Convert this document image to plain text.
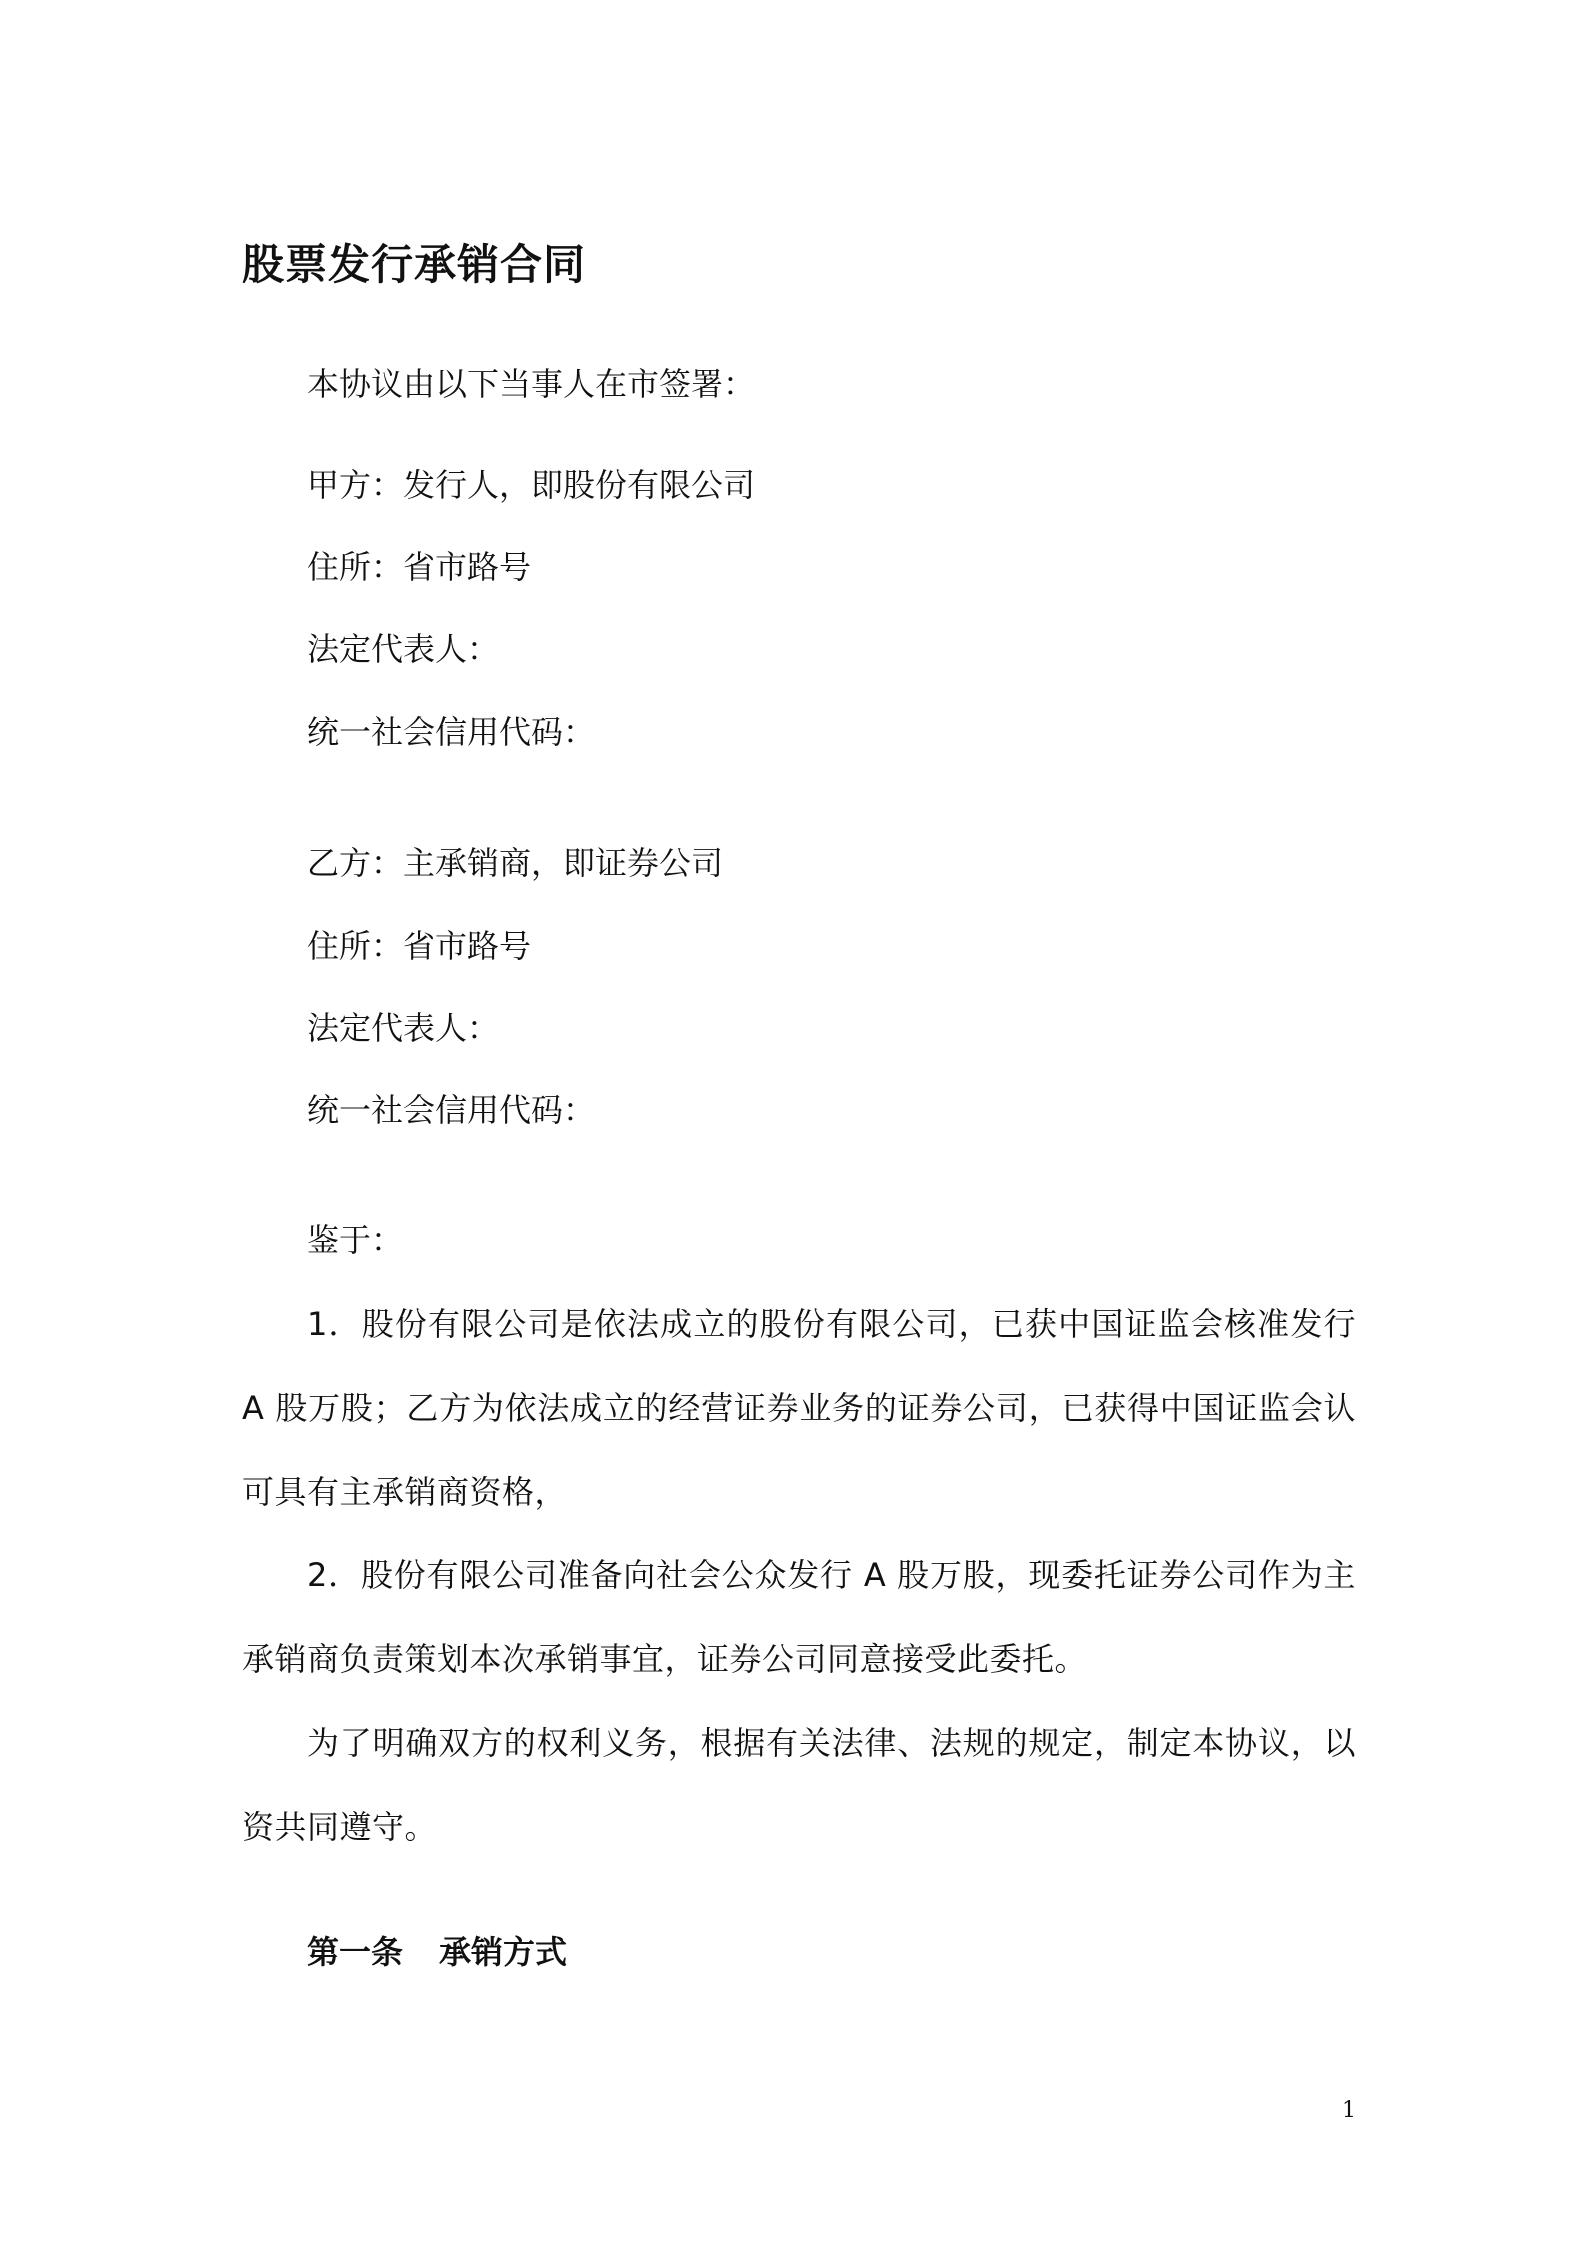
股票发行承销合同
本协议由以下当事人在市签署：
甲方：发行人，即股份有限公司
住所：省市路号
法定代表人：
统一社会信用代码：
乙方：主承销商，即证券公司
住所：省市路号
法定代表人：
统一社会信用代码：
鉴于：
1．股份有限公司是依法成立的股份有限公司，已获中国证监会核准发行 A 股万股；乙方为依法成立的经营证券业务的证券公司，已获得中国证监会认可具有主承销商资格，
2．股份有限公司准备向社会公众发行 A 股万股，现委托证券公司作为主承销商负责策划本次承销事宜，证券公司同意接受此委托。
为了明确双方的权利义务，根据有关法律、法规的规定，制定本协议，以资共同遵守。
第一条 承销方式
1
